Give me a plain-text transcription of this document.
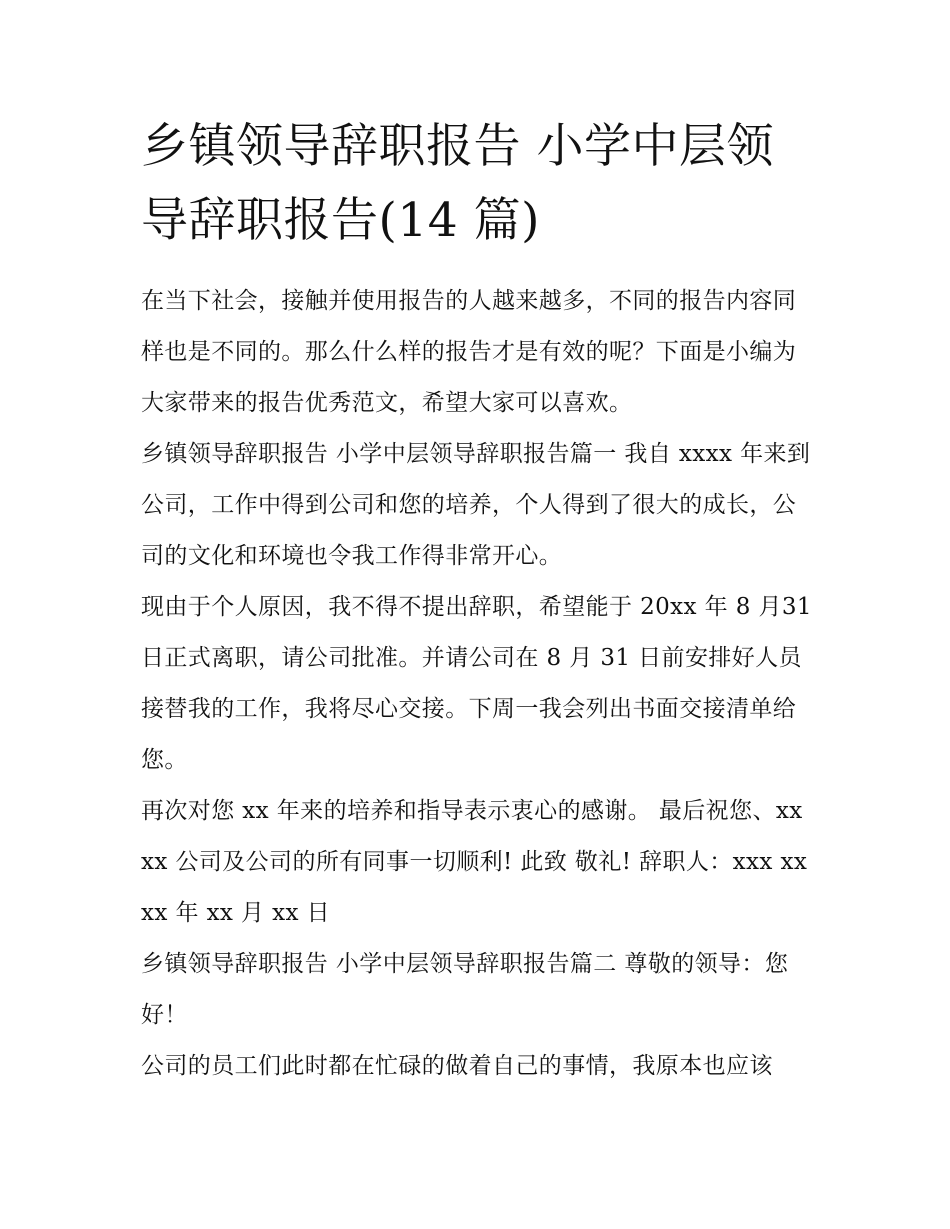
乡镇领导辞职报告 小学中层领
导辞职报告(14 篇)

在当下社会，接触并使用报告的人越来越多，不同的报告内容同样也是不同的。那么什么样的报告才是有效的呢？下面是小编为大家带来的报告优秀范文，希望大家可以喜欢。

乡镇领导辞职报告 小学中层领导辞职报告篇一 我自 xxxx 年来到公司，工作中得到公司和您的培养，个人得到了很大的成长，公司的文化和环境也令我工作得非常开心。

现由于个人原因，我不得不提出辞职，希望能于 20xx 年 8 月31 日正式离职，请公司批准。并请公司在 8 月 31 日前安排好人员接替我的工作，我将尽心交接。下周一我会列出书面交接清单给您。

再次对您 xx 年来的培养和指导表示衷心的感谢。 最后祝您、xxxx 公司及公司的所有同事一切顺利! 此致 敬礼! 辞职人：xxx xxxx 年 xx 月 xx 日

乡镇领导辞职报告 小学中层领导辞职报告篇二 尊敬的领导：您好！

公司的员工们此时都在忙碌的做着自己的事情，我原本也应该
